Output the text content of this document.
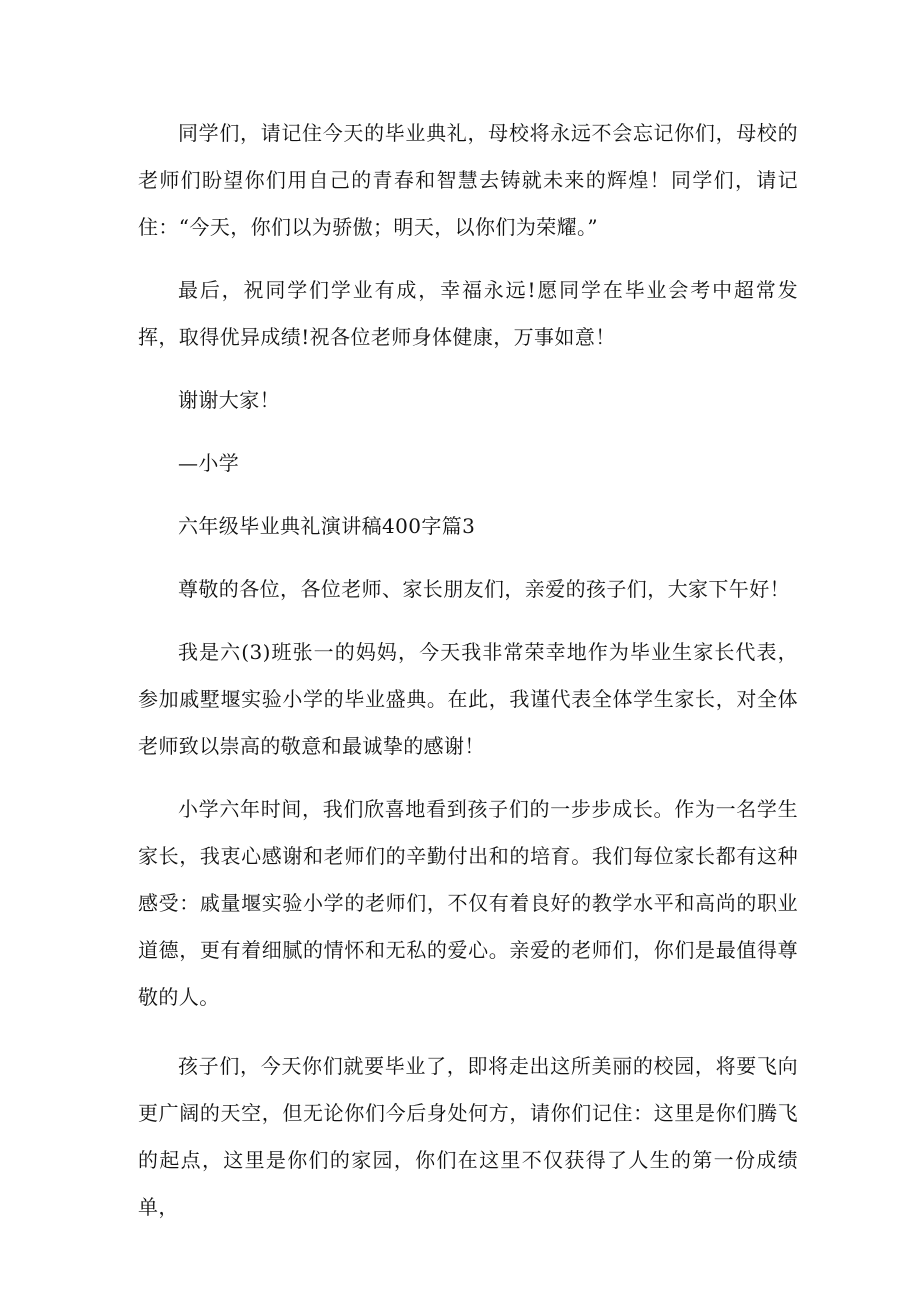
同学们，请记住今天的毕业典礼，母校将永远不会忘记你们，母校的老师们盼望你们用自己的青春和智慧去铸就未来的辉煌！同学们，请记住：“今天，你们以为骄傲；明天，以你们为荣耀。”

最后，祝同学们学业有成，幸福永远!愿同学在毕业会考中超常发挥，取得优异成绩!祝各位老师身体健康，万事如意！

谢谢大家！

—小学

六年级毕业典礼演讲稿400字篇3

尊敬的各位，各位老师、家长朋友们，亲爱的孩子们，大家下午好！

我是六(3)班张一的妈妈，今天我非常荣幸地作为毕业生家长代表，参加戚墅堰实验小学的毕业盛典。在此，我谨代表全体学生家长，对全体老师致以崇高的敬意和最诚挚的感谢！

小学六年时间，我们欣喜地看到孩子们的一步步成长。作为一名学生家长，我衷心感谢和老师们的辛勤付出和的培育。我们每位家长都有这种感受：戚量堰实验小学的老师们，不仅有着良好的教学水平和高尚的职业道德，更有着细腻的情怀和无私的爱心。亲爱的老师们，你们是最值得尊敬的人。

孩子们，今天你们就要毕业了，即将走出这所美丽的校园，将要飞向更广阔的天空，但无论你们今后身处何方，请你们记住：这里是你们腾飞的起点，这里是你们的家园，你们在这里不仅获得了人生的第一份成绩单，
